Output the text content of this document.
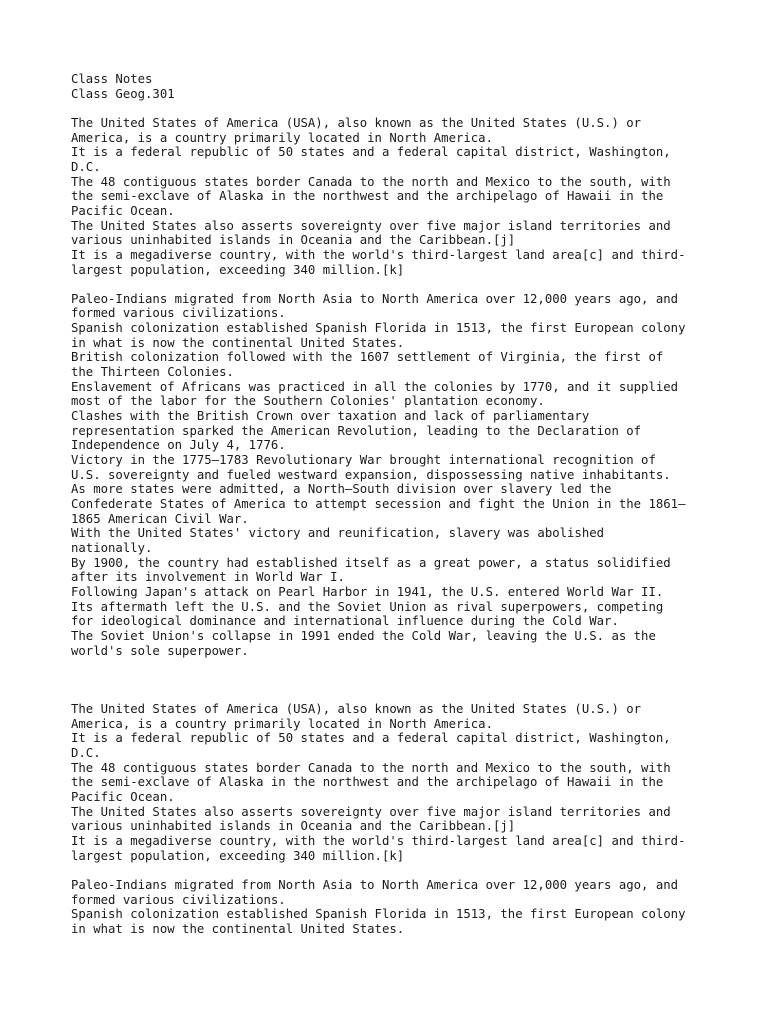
Class Notes
Class Geog.301
The United States of America (USA), also known as the United States (U.S.) or
America, is a country primarily located in North America.
It is a federal republic of 50 states and a federal capital district, Washington,
D.C.
The 48 contiguous states border Canada to the north and Mexico to the south, with
the semi-exclave of Alaska in the northwest and the archipelago of Hawaii in the
Pacific Ocean.
The United States also asserts sovereignty over five major island territories and
various uninhabited islands in Oceania and the Caribbean.[j]
It is a megadiverse country, with the world's third-largest land area[c] and third-
largest population, exceeding 340 million.[k]
Paleo-Indians migrated from North Asia to North America over 12,000 years ago, and
formed various civilizations.
Spanish colonization established Spanish Florida in 1513, the first European colony
in what is now the continental United States.
British colonization followed with the 1607 settlement of Virginia, the first of
the Thirteen Colonies.
Enslavement of Africans was practiced in all the colonies by 1770, and it supplied
most of the labor for the Southern Colonies' plantation economy.
Clashes with the British Crown over taxation and lack of parliamentary
representation sparked the American Revolution, leading to the Declaration of
Independence on July 4, 1776.
Victory in the 1775–1783 Revolutionary War brought international recognition of
U.S. sovereignty and fueled westward expansion, dispossessing native inhabitants.
As more states were admitted, a North–South division over slavery led the
Confederate States of America to attempt secession and fight the Union in the 1861–
1865 American Civil War.
With the United States' victory and reunification, slavery was abolished
nationally.
By 1900, the country had established itself as a great power, a status solidified
after its involvement in World War I.
Following Japan's attack on Pearl Harbor in 1941, the U.S. entered World War II.
Its aftermath left the U.S. and the Soviet Union as rival superpowers, competing
for ideological dominance and international influence during the Cold War.
The Soviet Union's collapse in 1991 ended the Cold War, leaving the U.S. as the
world's sole superpower.
The United States of America (USA), also known as the United States (U.S.) or
America, is a country primarily located in North America.
It is a federal republic of 50 states and a federal capital district, Washington,
D.C.
The 48 contiguous states border Canada to the north and Mexico to the south, with
the semi-exclave of Alaska in the northwest and the archipelago of Hawaii in the
Pacific Ocean.
The United States also asserts sovereignty over five major island territories and
various uninhabited islands in Oceania and the Caribbean.[j]
It is a megadiverse country, with the world's third-largest land area[c] and third-
largest population, exceeding 340 million.[k]
Paleo-Indians migrated from North Asia to North America over 12,000 years ago, and
formed various civilizations.
Spanish colonization established Spanish Florida in 1513, the first European colony
in what is now the continental United States.
